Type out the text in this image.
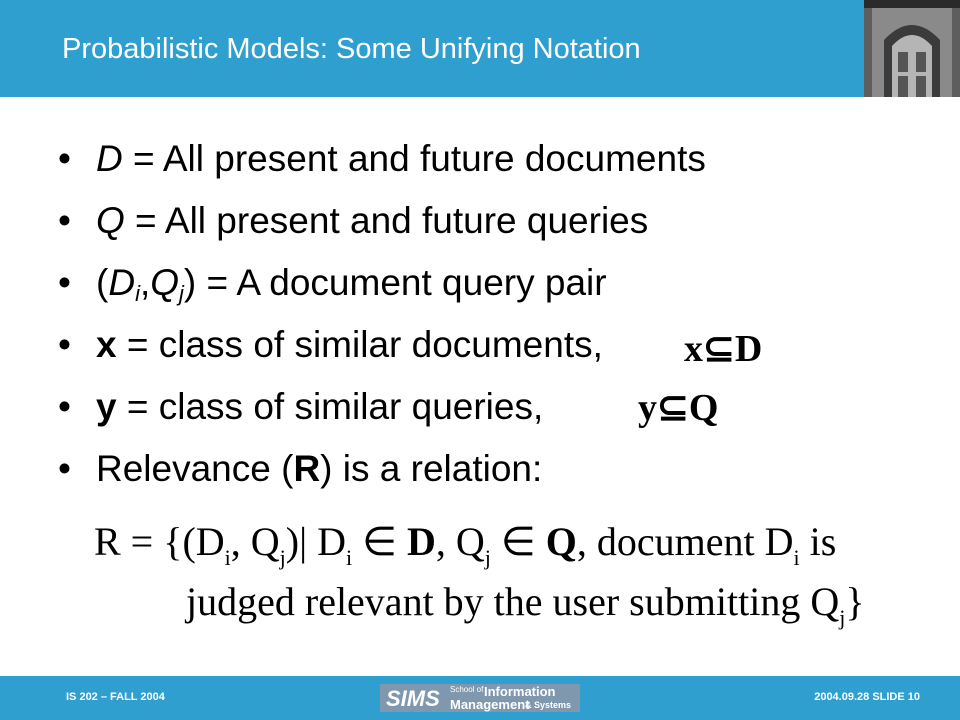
Probabilistic Models: Some Unifying Notation
• D = All present and future documents
• Q = All present and future queries
• $(D_i,Q_j) = A$ document query pair
• x = class of similar documents,
• y = class of similar queries,
• Relevance (R) is a relation:
x⊆D
y⊆Q
$R = \{(D_i$, $Q_j)|$ $D_i$ ∈ D, $Q_j$ ∈ Q, document $D_i$ is
judged relevant by the user submitting $Q_j$}
IS 202 – FALL 2004	SIMS School of Information
Management
& Systems
2004.09.28 SLIDE 10
